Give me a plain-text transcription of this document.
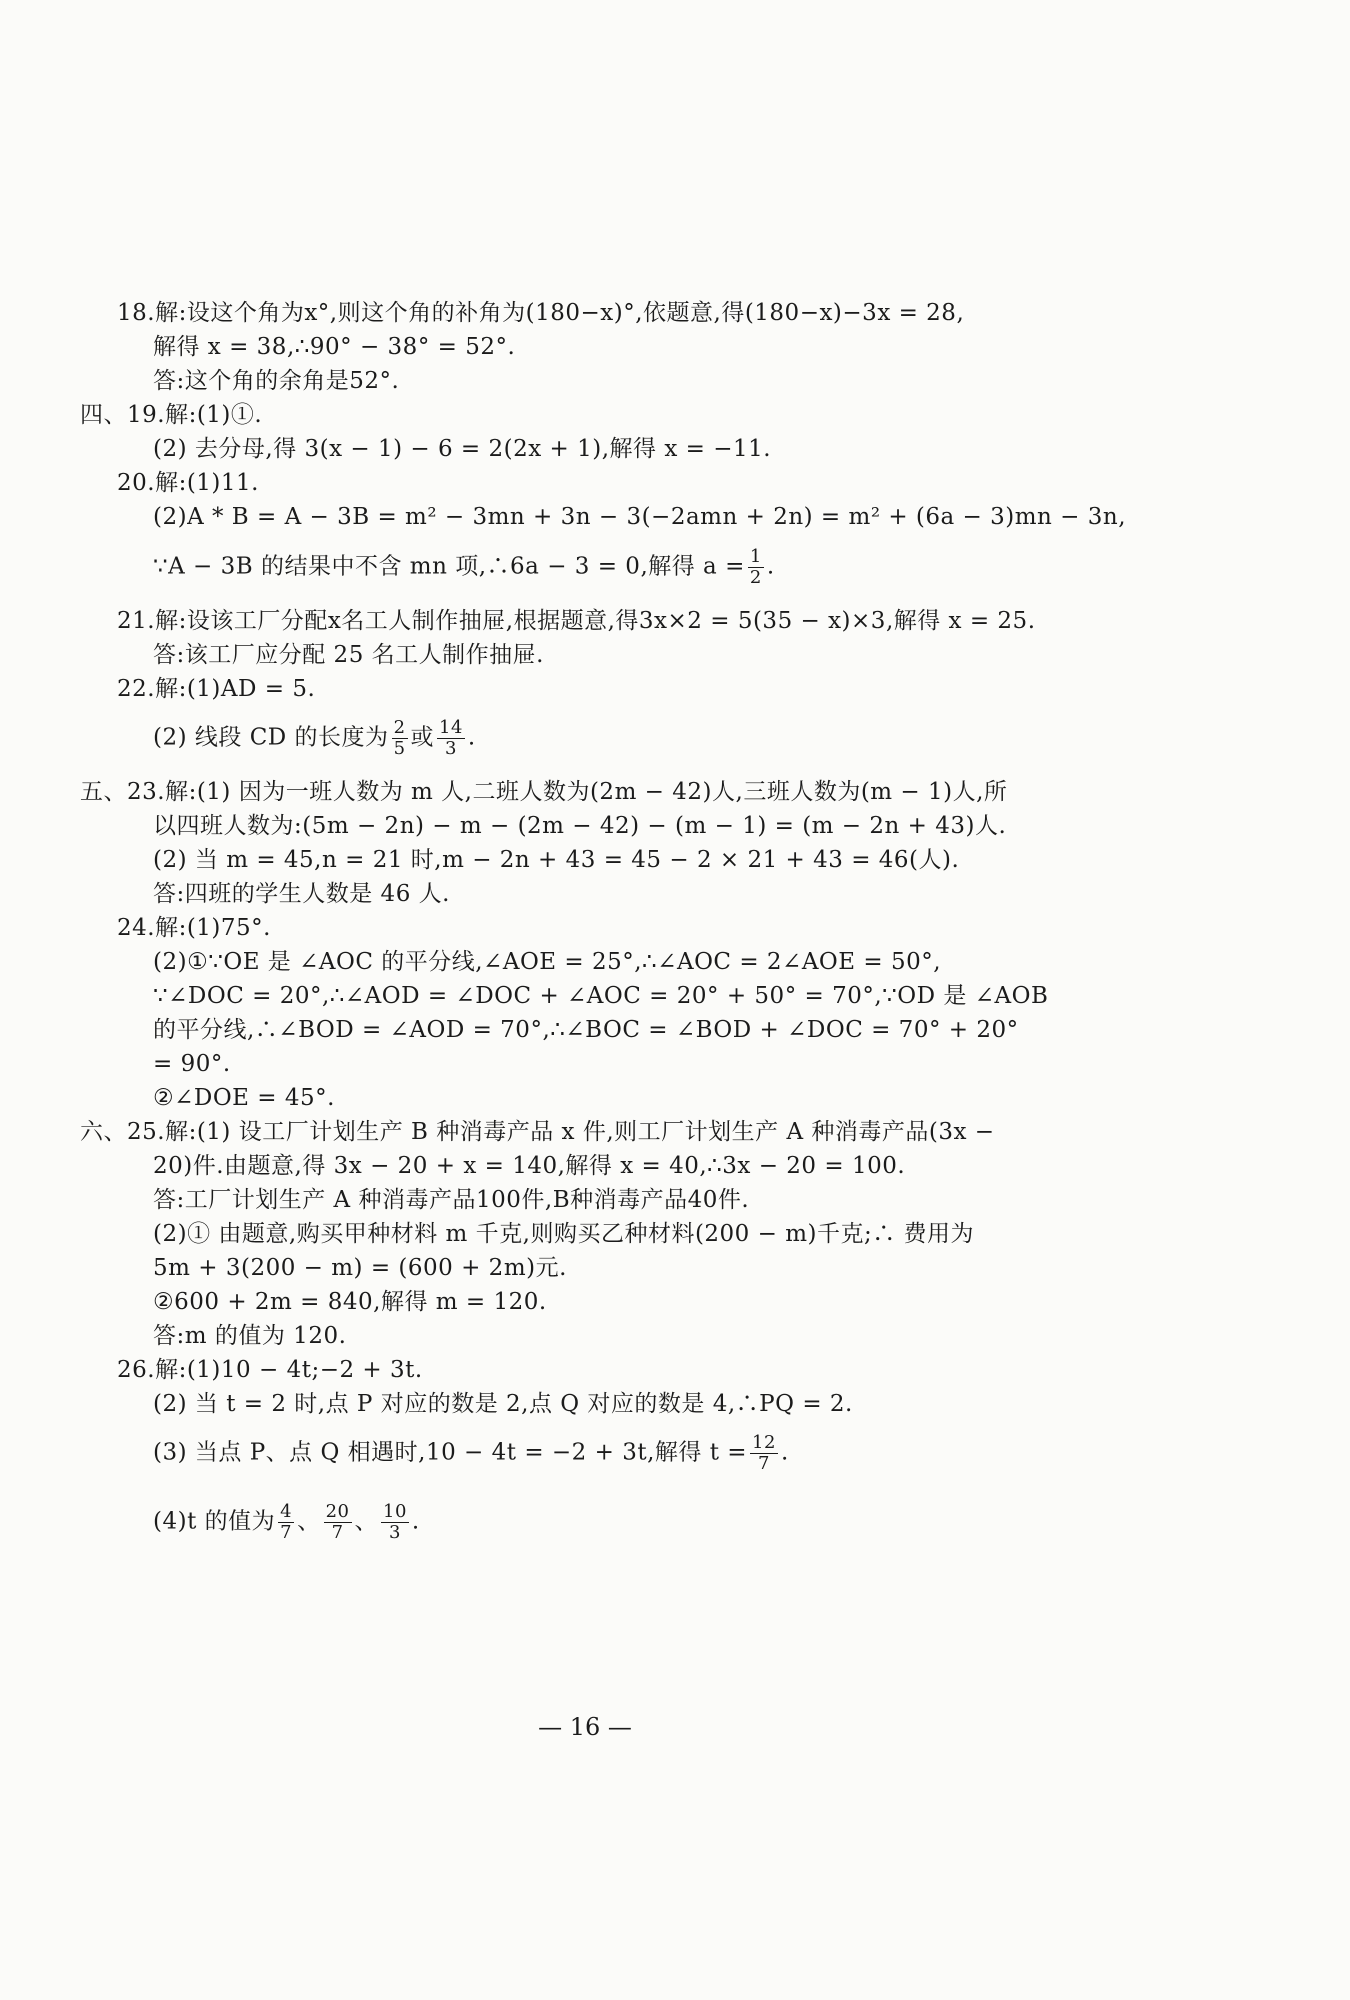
18.解:设这个角为x°,则这个角的补角为(180−x)°,依题意,得(180−x)−3x = 28,
解得 x = 38,∴90° − 38° = 52°.
答:这个角的余角是52°.
四、19.解:(1)①.
(2) 去分母,得 3(x − 1) − 6 = 2(2x + 1),解得 x = −11.
20.解:(1)11.
(2)A * B = A − 3B = m² − 3mn + 3n − 3(−2amn + 2n) = m² + (6a − 3)mn − 3n,
∵A − 3B 的结果中不含 mn 项,∴6a − 3 = 0,解得 $a = \frac{1}{2}$ .
21.解:设该工厂分配x名工人制作抽屉,根据题意,得3x×2 = 5(35 − x)×3,解得 x = 25.
答:该工厂应分配 25 名工人制作抽屉.
22.解:(1)AD = 5.
(2) 线段 CD 的长度为 $\frac{2}{5}$ 或 $\frac{14}{3}$ .
五、23.解:(1) 因为一班人数为 m 人,二班人数为(2m − 42)人,三班人数为(m − 1)人,所
以四班人数为:(5m − 2n) − m − (2m − 42) − (m − 1) = (m − 2n + 43)人.
(2) 当 m = 45,n = 21 时,m − 2n + 43 = 45 − 2 × 21 + 43 = 46(人).
答:四班的学生人数是 46 人.
24.解:(1)75°.
(2)①∵OE 是 ∠AOC 的平分线,∠AOE = 25°,∴∠AOC = 2∠AOE = 50°,
∵∠DOC = 20°,∴∠AOD = ∠DOC + ∠AOC = 20° + 50° = 70°,∵OD 是 ∠AOB
的平分线,∴∠BOD = ∠AOD = 70°,∴∠BOC = ∠BOD + ∠DOC = 70° + 20°
= 90°.
②∠DOE = 45°.
六、25.解:(1) 设工厂计划生产 B 种消毒产品 x 件,则工厂计划生产 A 种消毒产品(3x −
20)件.由题意,得 3x − 20 + x = 140,解得 x = 40,∴3x − 20 = 100.
答:工厂计划生产 A 种消毒产品100件,B种消毒产品40件.
(2)① 由题意,购买甲种材料 m 千克,则购买乙种材料(200 − m)千克;∴ 费用为
5m + 3(200 − m) = (600 + 2m)元.
②600 + 2m = 840,解得 m = 120.
答:m 的值为 120.
26.解:(1)10 − 4t;−2 + 3t.
(2) 当 t = 2 时,点 P 对应的数是 2,点 Q 对应的数是 4,∴PQ = 2.
(3) 当点 P、点 Q 相遇时,10 − 4t = −2 + 3t,解得 $t = \frac{12}{7}$ .
(4)t 的值为 $\frac{4}{7}$ 、 $\frac{20}{7}$ 、 $\frac{10}{3}$ .
— 16 —
